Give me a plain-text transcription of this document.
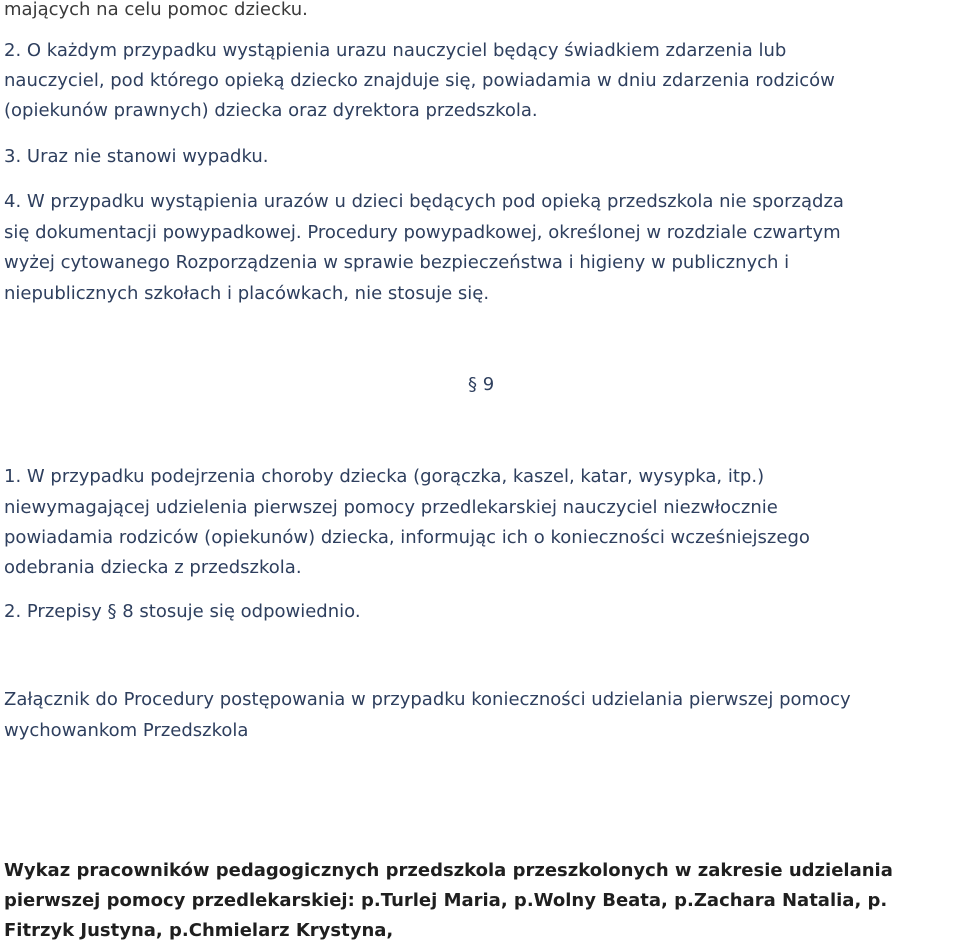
mających na celu pomoc dziecku.
2. O każdym przypadku wystąpienia urazu nauczyciel będący świadkiem zdarzenia lub
nauczyciel, pod którego opieką dziecko znajduje się, powiadamia w dniu zdarzenia rodziców
(opiekunów prawnych) dziecka oraz dyrektora przedszkola.
3. Uraz nie stanowi wypadku.
4. W przypadku wystąpienia urazów u dzieci będących pod opieką przedszkola nie sporządza
się dokumentacji powypadkowej. Procedury powypadkowej, określonej w rozdziale czwartym
wyżej cytowanego Rozporządzenia w sprawie bezpieczeństwa i higieny w publicznych i
niepublicznych szkołach i placówkach, nie stosuje się.
§ 9
1. W przypadku podejrzenia choroby dziecka (gorączka, kaszel, katar, wysypka, itp.)
niewymagającej udzielenia pierwszej pomocy przedlekarskiej nauczyciel niezwłocznie
powiadamia rodziców (opiekunów) dziecka, informując ich o konieczności wcześniejszego
odebrania dziecka z przedszkola.
2. Przepisy § 8 stosuje się odpowiednio.
Załącznik do Procedury postępowania w przypadku konieczności udzielania pierwszej pomocy
wychowankom Przedszkola
Wykaz pracowników pedagogicznych przedszkola przeszkolonych w zakresie udzielania
pierwszej pomocy przedlekarskiej: p.Turlej Maria, p.Wolny Beata, p.Zachara Natalia, p.
Fitrzyk Justyna, p.Chmielarz Krystyna,
